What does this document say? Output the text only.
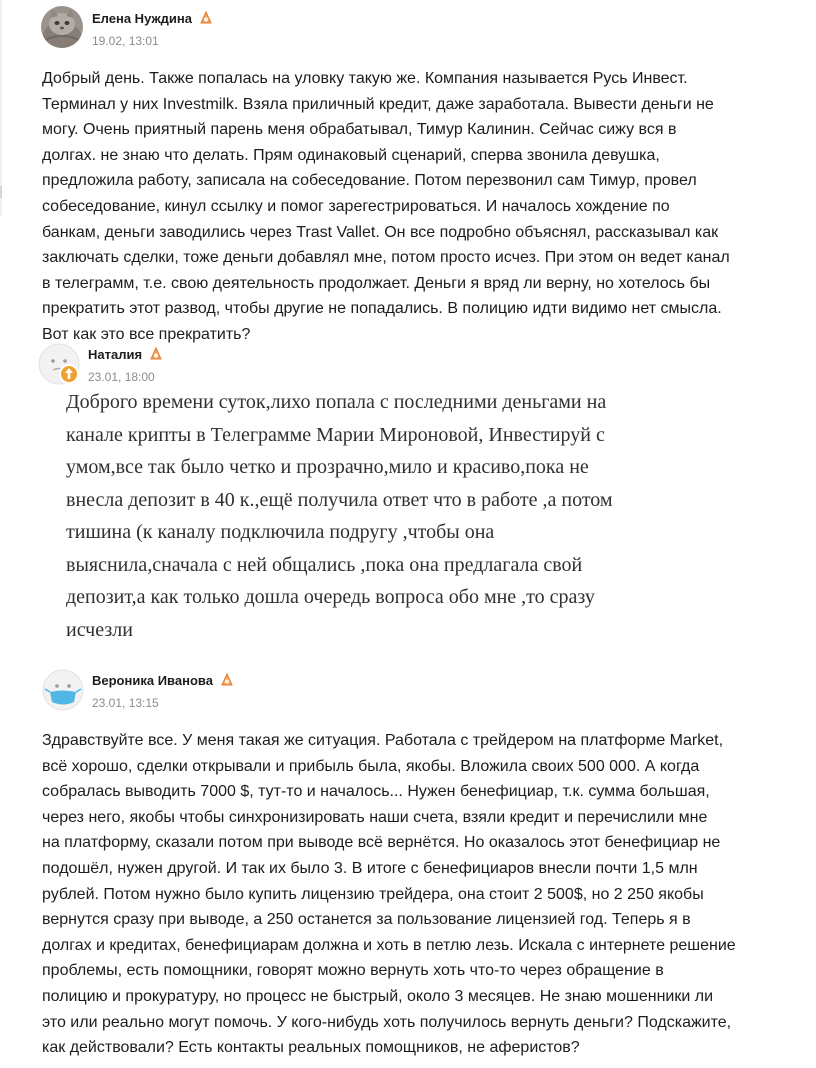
Елена Нуждина
19.02, 13:01
Добрый день. Также попалась на уловку такую же. Компания называется Русь Инвест.
Терминал у них Investmilk. Взяла приличный кредит, даже заработала. Вывести деньги не
могу. Очень приятный парень меня обрабатывал, Тимур Калинин. Сейчас сижу вся в
долгах. не знаю что делать. Прям одинаковый сценарий, сперва звонила девушка,
предложила работу, записала на собеседование. Потом перезвонил сам Тимур, провел
собеседование, кинул ссылку и помог зарегестрироваться. И началось хождение по
банкам, деньги заводились через Trast Vallet. Он все подробно объяснял, рассказывал как
заключать сделки, тоже деньги добавлял мне, потом просто исчез. При этом он ведет канал
в телеграмм, т.е. свою деятельность продолжает. Деньги я вряд ли верну, но хотелось бы
прекратить этот развод, чтобы другие не попадались. В полицию идти видимо нет смысла.
Вот как это все прекратить?
Наталия
23.01, 18:00
Доброго времени суток,лихо попала с последними деньгами на
канале крипты в Телеграмме Марии Мироновой, Инвестируй с
умом,все так было четко и прозрачно,мило и красиво,пока не
внесла депозит в 40 к.,ещё получила ответ что в работе ,а потом
тишина (к каналу подключила подругу ,чтобы она
выяснила,сначала с ней общались ,пока она предлагала свой
депозит,а как только дошла очередь вопроса обо мне ,то сразу
исчезли
Вероника Иванова
23.01, 13:15
Здравствуйте все. У меня такая же ситуация. Работала с трейдером на платформе Market,
всё хорошо, сделки открывали и прибыль была, якобы. Вложила своих 500 000. А когда
собралась выводить 7000 $, тут-то и началось... Нужен бенефициар, т.к. сумма большая,
через него, якобы чтобы синхронизировать наши счета, взяли кредит и перечислили мне
на платформу, сказали потом при выводе всё вернётся. Но оказалось этот бенефициар не
подошёл, нужен другой. И так их было 3. В итоге с бенефициаров внесли почти 1,5 млн
рублей. Потом нужно было купить лицензию трейдера, она стоит 2 500$, но 2 250 якобы
вернутся сразу при выводе, а 250 останется за пользование лицензией год. Теперь я в
долгах и кредитах, бенефициарам должна и хоть в петлю лезь. Искала с интернете решение
проблемы, есть помощники, говорят можно вернуть хоть что-то через обращение в
полицию и прокуратуру, но процесс не быстрый, около 3 месяцев. Не знаю мошенники ли
это или реально могут помочь. У кого-нибудь хоть получилось вернуть деньги? Подскажите,
как действовали? Есть контакты реальных помощников, не аферистов?
